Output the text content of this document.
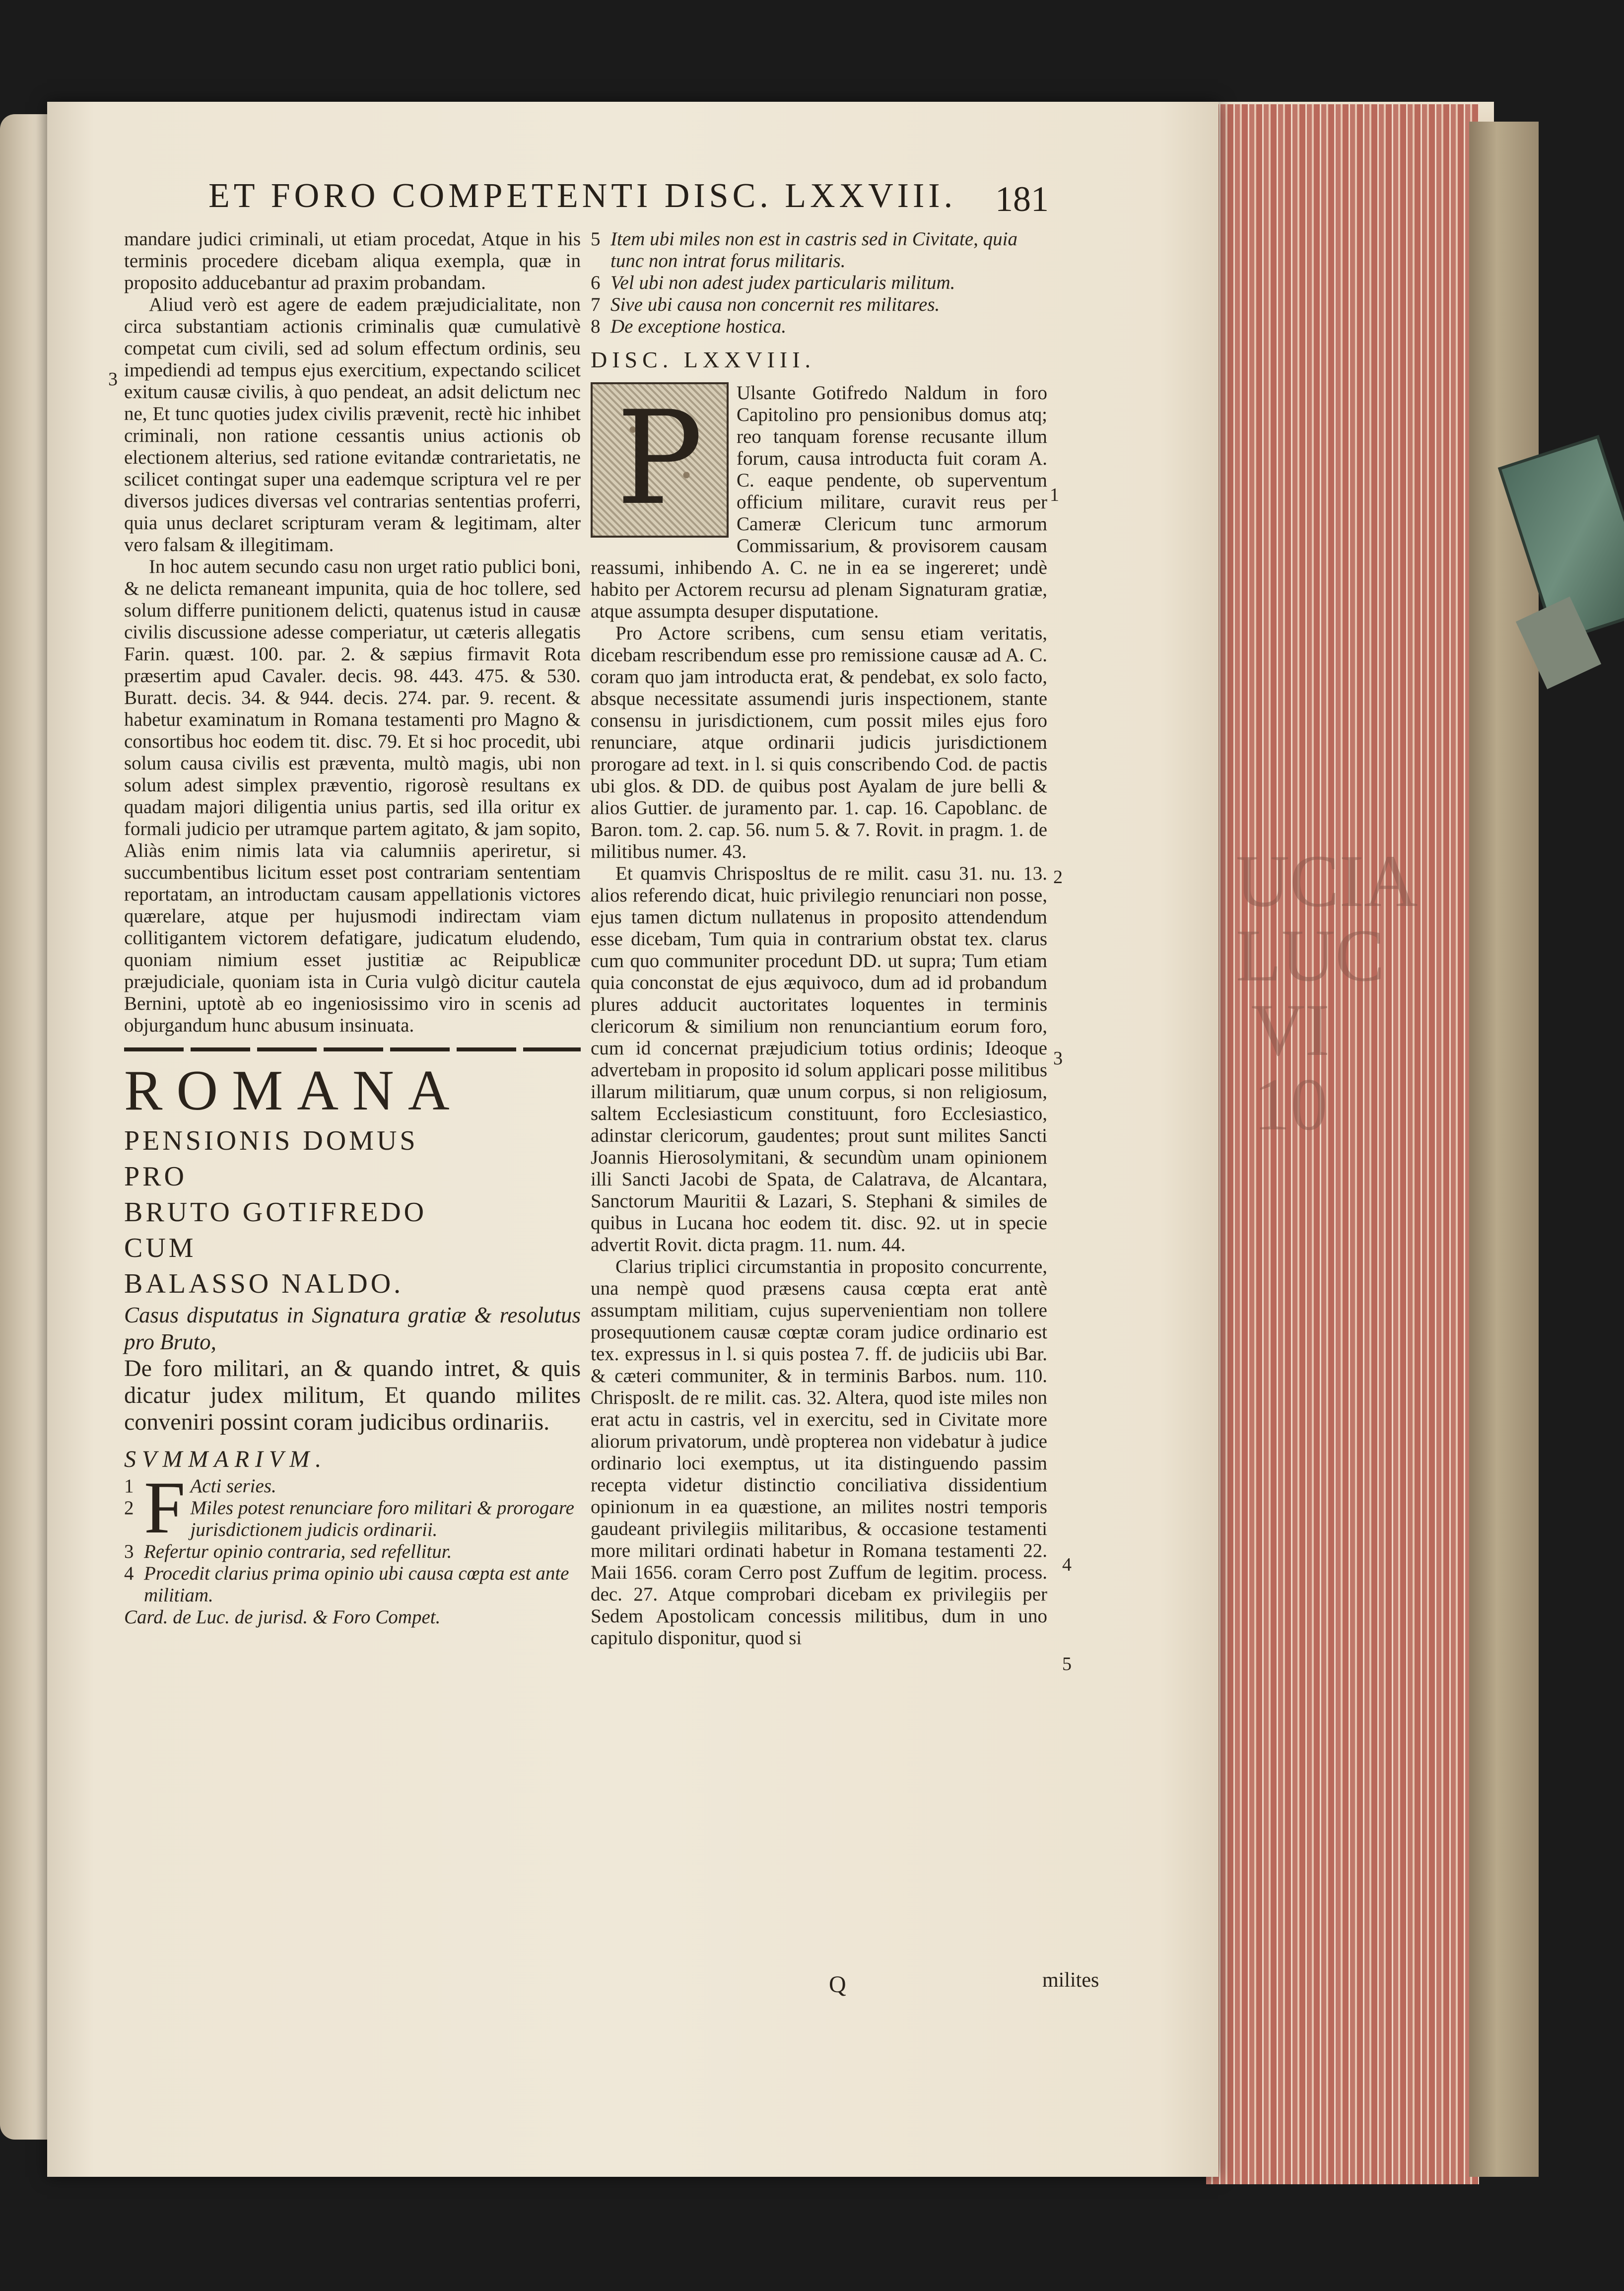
UCIA LUC VI 10
ET FORO COMPETENTI DISC. LXXVIII.	181

mandare judici criminali, ut etiam procedat, Atque in his terminis procedere dicebam aliqua exempla, quæ in proposito adducebantur ad praxim probandam.

Aliud verò est agere de eadem præjudicialitate, non circa substantiam actionis criminalis quæ cumulativè competat cum civili, sed ad solum effectum ordinis, seu impediendi ad tempus ejus exercitium, expectando scilicet exitum causæ civilis, à quo pendeat, an adsit delictum nec ne, Et tunc quoties judex civilis prævenit, rectè hic inhibet criminali, non ratione cessantis unius actionis ob electionem alterius, sed ratione evitandæ contrarietatis, ne scilicet contingat super una eademque scriptura vel re per diversos judices diversas vel contrarias sententias proferri, quia unus declaret scripturam veram & legitimam, alter vero falsam & illegitimam.

In hoc autem secundo casu non urget ratio publici boni, & ne delicta remaneant impunita, quia de hoc tollere, sed solum differre punitionem delicti, quatenus istud in causæ civilis discussione adesse comperiatur, ut cæteris allegatis Farin. quæst. 100. par. 2. & sæpius firmavit Rota præsertim apud Cavaler. decis. 98. 443. 475. & 530. Buratt. decis. 34. & 944. decis. 274. par. 9. recent. & habetur examinatum in Romana testamenti pro Magno & consortibus hoc eodem tit. disc. 79. Et si hoc procedit, ubi solum causa civilis est præventa, multò magis, ubi non solum adest simplex præventio, rigorosè resultans ex quadam majori diligentia unius partis, sed illa oritur ex formali judicio per utramque partem agitato, & jam sopito, Aliàs enim nimis lata via calumniis aperiretur, si succumbentibus licitum esset post contrariam sententiam reportatam, an introductam causam appellationis victores quærelare, atque per hujusmodi indirectam viam collitigantem victorem defatigare, judicatum eludendo, quoniam nimium esset justitiæ ac Reipublicæ præjudiciale, quoniam ista in Curia vulgò dicitur cautela Bernini, uptotè ab eo ingeniosissimo viro in scenis ad objurgandum hunc abusum insinuata.

ROMANA

PENSIONIS DOMUS

PRO

BRUTO GOTIFREDO

CUM

BALASSO NALDO.

Casus disputatus in Signatura gratiæ & resolutus pro Bruto,

De foro militari, an & quando intret, & quis dicatur judex militum, Et quando milites conveniri possint coram judicibus ordinariis.

SVMMARIVM.

F
1	Acti series.
2	Miles potest renunciare foro militari & prorogare jurisdictionem judicis ordinarii.
3 Refertur opinio contraria, sed refellitur.
4 Procedit clarius prima opinio ubi causa cœpta est ante militiam.

Card. de Luc. de jurisd. & Foro Compet.

3
5 Item ubi miles non est in castris sed in Civitate, quia tunc non intrat forus militaris.
6 Vel ubi non adest judex particularis militum.
7 Sive ubi causa non concernit res militares.
8 De exceptione hostica.

DISC. LXXVIII.

P	Ulsante Gotifredo Naldum in foro Capitolino pro pensionibus domus atq; reo tanquam forense recusante illum forum, causa introducta fuit coram A. C. eaque pendente, ob superventum officium militare, curavit reus per Cameræ Clericum tunc armorum Commissarium, & provisorem causam reassumi, inhibendo A. C. ne in ea se ingereret; undè habito per Actorem recursu ad plenam Signaturam gratiæ, atque assumpta desuper disputatione.

Pro Actore scribens, cum sensu etiam veritatis, dicebam rescribendum esse pro remissione causæ ad A. C. coram quo jam introducta erat, & pendebat, ex solo facto, absque necessitate assumendi juris inspectionem, stante consensu in jurisdictionem, cum possit miles ejus foro renunciare, atque ordinarii judicis jurisdictionem prorogare ad text. in l. si quis conscribendo Cod. de pactis ubi glos. & DD. de quibus post Ayalam de jure belli & alios Guttier. de juramento par. 1. cap. 16. Capoblanc. de Baron. tom. 2. cap. 56. num 5. & 7. Rovit. in pragm. 1. de militibus numer. 43.

Et quamvis Chrisposltus de re milit. casu 31. nu. 13. alios referendo dicat, huic privilegio renunciari non posse, ejus tamen dictum nullatenus in proposito attendendum esse dicebam, Tum quia in contrarium obstat tex. clarus cum quo communiter procedunt DD. ut supra; Tum etiam quia conconstat de ejus æquivoco, dum ad id probandum plures adducit auctoritates loquentes in terminis clericorum & similium non renunciantium eorum foro, cum id concernat præjudicium totius ordinis; Ideoque advertebam in proposito id solum applicari posse militibus illarum militiarum, quæ unum corpus, si non religiosum, saltem Ecclesiasticum constituunt, foro Ecclesiastico, adinstar clericorum, gaudentes; prout sunt milites Sancti Joannis Hierosolymitani, & secundùm unam opinionem illi Sancti Jacobi de Spata, de Calatrava, de Alcantara, Sanctorum Mauritii & Lazari, S. Stephani & similes de quibus in Lucana hoc eodem tit. disc. 92. ut in specie advertit Rovit. dicta pragm. 11. num. 44.

Clarius triplici circumstantia in proposito concurrente, una nempè quod præsens causa cœpta erat antè assumptam militiam, cujus supervenientiam non tollere prosequutionem causæ cœptæ coram judice ordinario est tex. expressus in l. si quis postea 7. ff. de judiciis ubi Bar. & cæteri communiter, & in terminis Barbos. num. 110. Chrisposlt. de re milit. cas. 32. Altera, quod iste miles non erat actu in castris, vel in exercitu, sed in Civitate more aliorum privatorum, undè propterea non videbatur à judice ordinario loci exemptus, ut ita distinguendo passim recepta videtur distinctio conciliativa dissidentium opinionum in ea quæstione, an milites nostri temporis gaudeant privilegiis militaribus, & occasione testamenti more militari ordinati habetur in Romana testamenti 22. Maii 1656. coram Cerro post Zuffum de legitim. process. dec. 27. Atque comprobari dicebam ex privilegiis per Sedem Apostolicam concessis militibus, dum in uno capitulo disponitur, quod si

1
2
3
4
5
Q	milites
